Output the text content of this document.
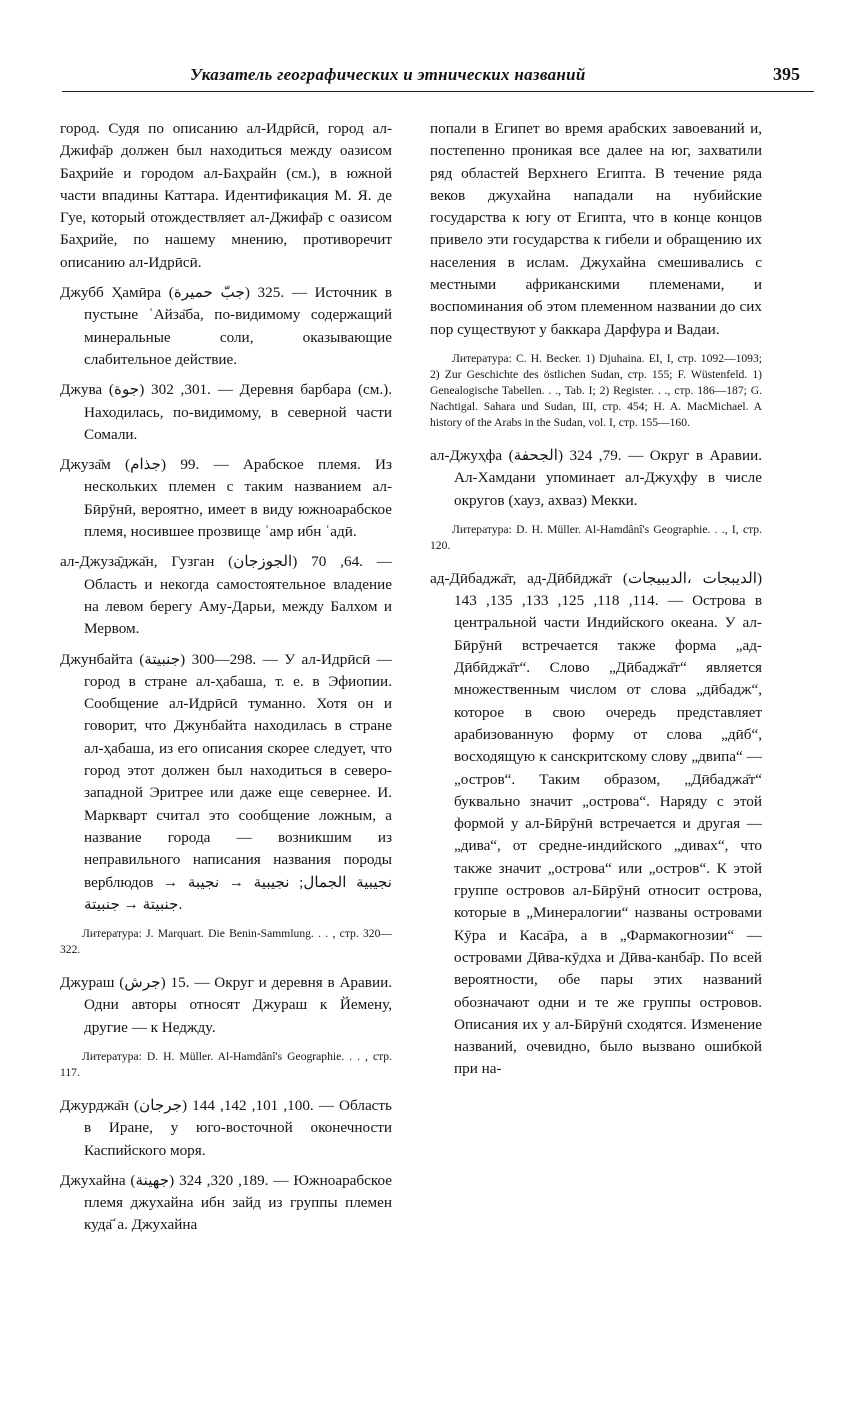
Указатель географических и этнических названий	395

город. Судя по описанию ал-Идрӣсӣ, город ал-Джифа̄р должен был находиться между оазисом Баҳрийе и городом ал-Баҳрайн (см.), в южной части впадины Каттара. Идентификация М. Я. де Гуе, который отождествляет ал-Джифа̄р с оазисом Баҳрийе, по нашему мнению, противоречит описанию ал-Идрӣсӣ.

Джубб Ҳамӣра (جبّ حميرة) 325. — Источник в пустыне ʿАйза̄ба, по-видимому содержащий минеральные соли, оказывающие слабительное действие.

Джува (جوة) 301, 302. — Деревня барбара (см.). Находилась, по-видимому, в северной части Сомали.

Джуза̄м (جذام) 99. — Арабское племя. Из нескольких племен с таким названием ал-Бӣрӯнӣ, вероятно, имеет в виду южноарабское племя, носившее прозвище ʿамр ибн ʿадӣ.

ал-Джуза̄джа̄н, Гузган (الجوزجان) 64, 70. — Область и некогда самостоятельное владение на левом берегу Аму-Дарьи, между Балхом и Мервом.

Джунбайта (جنبيتة) 298—300. — У ал-Идрӣсӣ — город в стране ал-ҳабаша, т. е. в Эфиопии. Сообщение ал-Идрӣсӣ туманно. Хотя он и говорит, что Джунбайта находилась в стране ал-ҳабаша, из его описания скорее следует, что город этот должен был находиться в северо-западной Эритрее или даже еще севернее. И. Маркварт считал это сообщение ложным, а название города — возникшим из неправильного написания названия породы верблюдов نجيبية الجمال; نجيبية → نجيبة → جنبيتة → جنبيتة.

Литература: J. Marquart. Die Benin-Sammlung. . . , стр. 320—322.

Джураш (جرش) 15. — Округ и деревня в Аравии. Одни авторы относят Джураш к Йемену, другие — к Недждy.

Литература: D. H. Müller. Al-Hamdânî's Geographie. . . , стр. 117.

Джурджа̄н (جرجان) 100, 101, 142, 144. — Область в Иране, у юго-восточной оконечности Каспийского моря.

Джухайна (جهينة) 189, 320, 324. — Южноарабское племя джухайна ибн зайд из группы племен куда̄ʿа. Джухайна

попали в Египет во время арабских завоеваний и, постепенно проникая все далее на юг, захватили ряд областей Верхнего Египта. В течение ряда веков джухайна нападали на нубийские государства к югу от Египта, что в конце концов привело эти государства к гибели и обращению их населения в ислам. Джухайна смешивались с местными африканскими племенами, и воспоминания об этом племенном названии до сих пор существуют у баккара Дарфура и Вадаи.

Литература: C. H. Becker. 1) Djuhaina. EI, I, стр. 1092—1093; 2) Zur Geschichte des östlichen Sudan, стр. 155; F. Wüstenfeld. 1) Genealogische Tabellen. . ., Tab. I; 2) Register. . ., стр. 186—187; G. Nachtigal. Sahara und Sudan, III, стр. 454; H. A. MacMichael. A history of the Arabs in the Sudan, vol. I, стр. 155—160.

ал-Джуҳфа (الجحفة) 79, 324. — Округ в Аравии. Ал-Хамдани упоминает ал-Джуҳфу в числе округов (хауз, ахваз) Мекки.

Литература: D. H. Müller. Al-Hamdânî's Geographie. . ., I, стр. 120.

ад-Дӣбаджа̄т, ад-Дӣбӣджа̄т (الديبجات ،الديبيجات) 114, 118, 125, 133, 135, 143. — Острова в центральной части Индийского океана. У ал-Бӣрӯнӣ встречается также форма „ад-Дӣбӣджа̄т“. Слово „Дӣбаджа̄т“ является множественным числом от слова „дӣбадж“, которое в свою очередь представляет арабизованную форму от слова „дӣб“, восходящую к санскритскому слову „двипа“ — „остров“. Таким образом, „Дӣбаджа̄т“ буквально значит „острова“. Наряду с этой формой у ал-Бӣрӯнӣ встречается и другая — „дива“, от средне-индийского „дивах“, что также значит „острова“ или „остров“. К этой группе островов ал-Бӣрӯнӣ относит острова, которые в „Минералогии“ названы островами Кӯра и Каса̄ра, а в „Фармакогнозии“ — островами Дӣва-кӯдха и Дӣва-канба̄р. По всей вероятности, обе пары этих названий обозначают одни и те же группы островов. Описания их у ал-Бӣрӯнӣ сходятся. Изменение названий, очевидно, было вызвано ошибкой при на-
